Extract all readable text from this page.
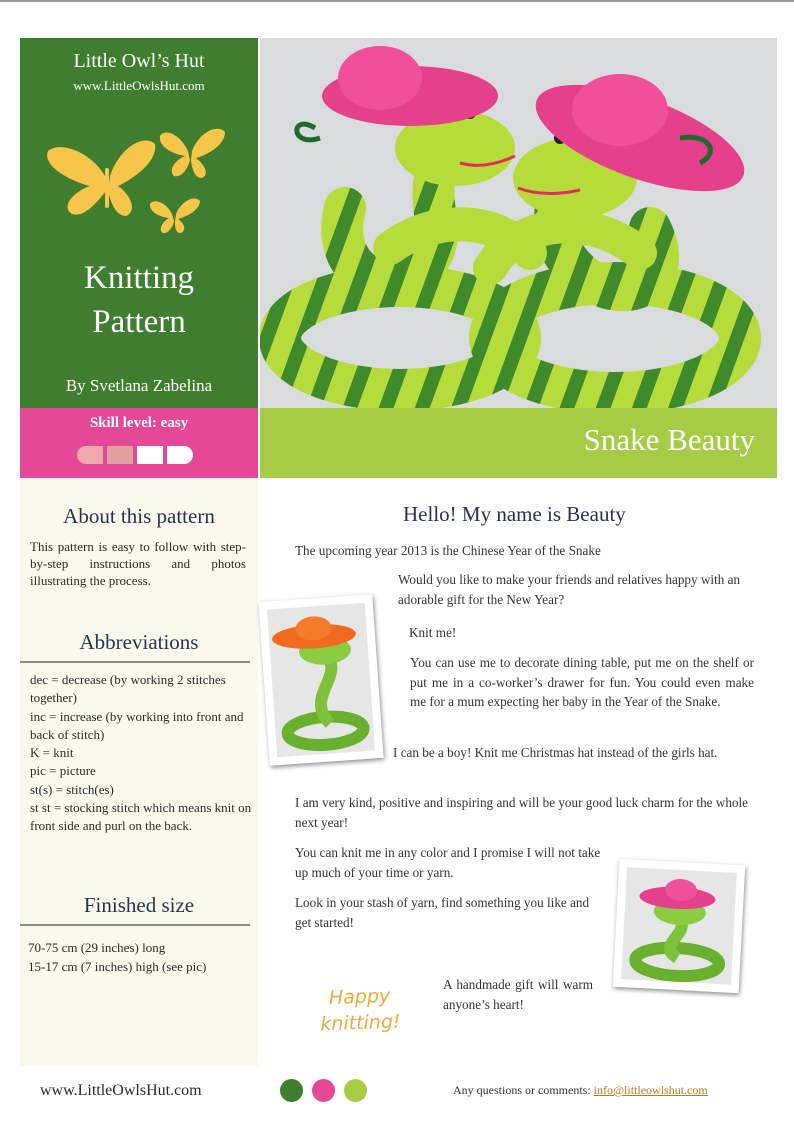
Little Owl’s Hut
www.LittleOwlsHut.com
Knitting
Pattern
By Svetlana Zabelina
Skill level: easy	Snake Beauty
About this pattern
This pattern is easy to follow with step-by-step instructions and photos illustrating the process.
Abbreviations
dec = decrease (by working 2 stitches together)
inc = increase (by working into front and back of stitch)
K = knit
pic = picture
st(s) = stitch(es)
st st = stocking stitch which means knit on front side and purl on the back.
Finished size
70-75 cm (29 inches) long
15-17 cm (7 inches) high (see pic)
Hello! My name is Beauty
The upcoming year 2013 is the Chinese Year of the Snake
Would you like to make your friends and relatives happy with an adorable gift for the New Year?
Knit me!
You can use me to decorate dining table, put me on the shelf or put me in a co-worker’s drawer for fun. You could even make me for a mum expecting her baby in the Year of the Snake.
I can be a boy! Knit me Christmas hat instead of the girls hat.
I am very kind, positive and inspiring and will be your good luck charm for the whole next year!
You can knit me in any color and I promise I will not take up much of your time or yarn.
Look in your stash of yarn, find something you like and get started!
A handmade gift will warm anyone’s heart!
Happy
knitting!
www.LittleOwlsHut.com	Any questions or comments: info@littleowlshut.com
